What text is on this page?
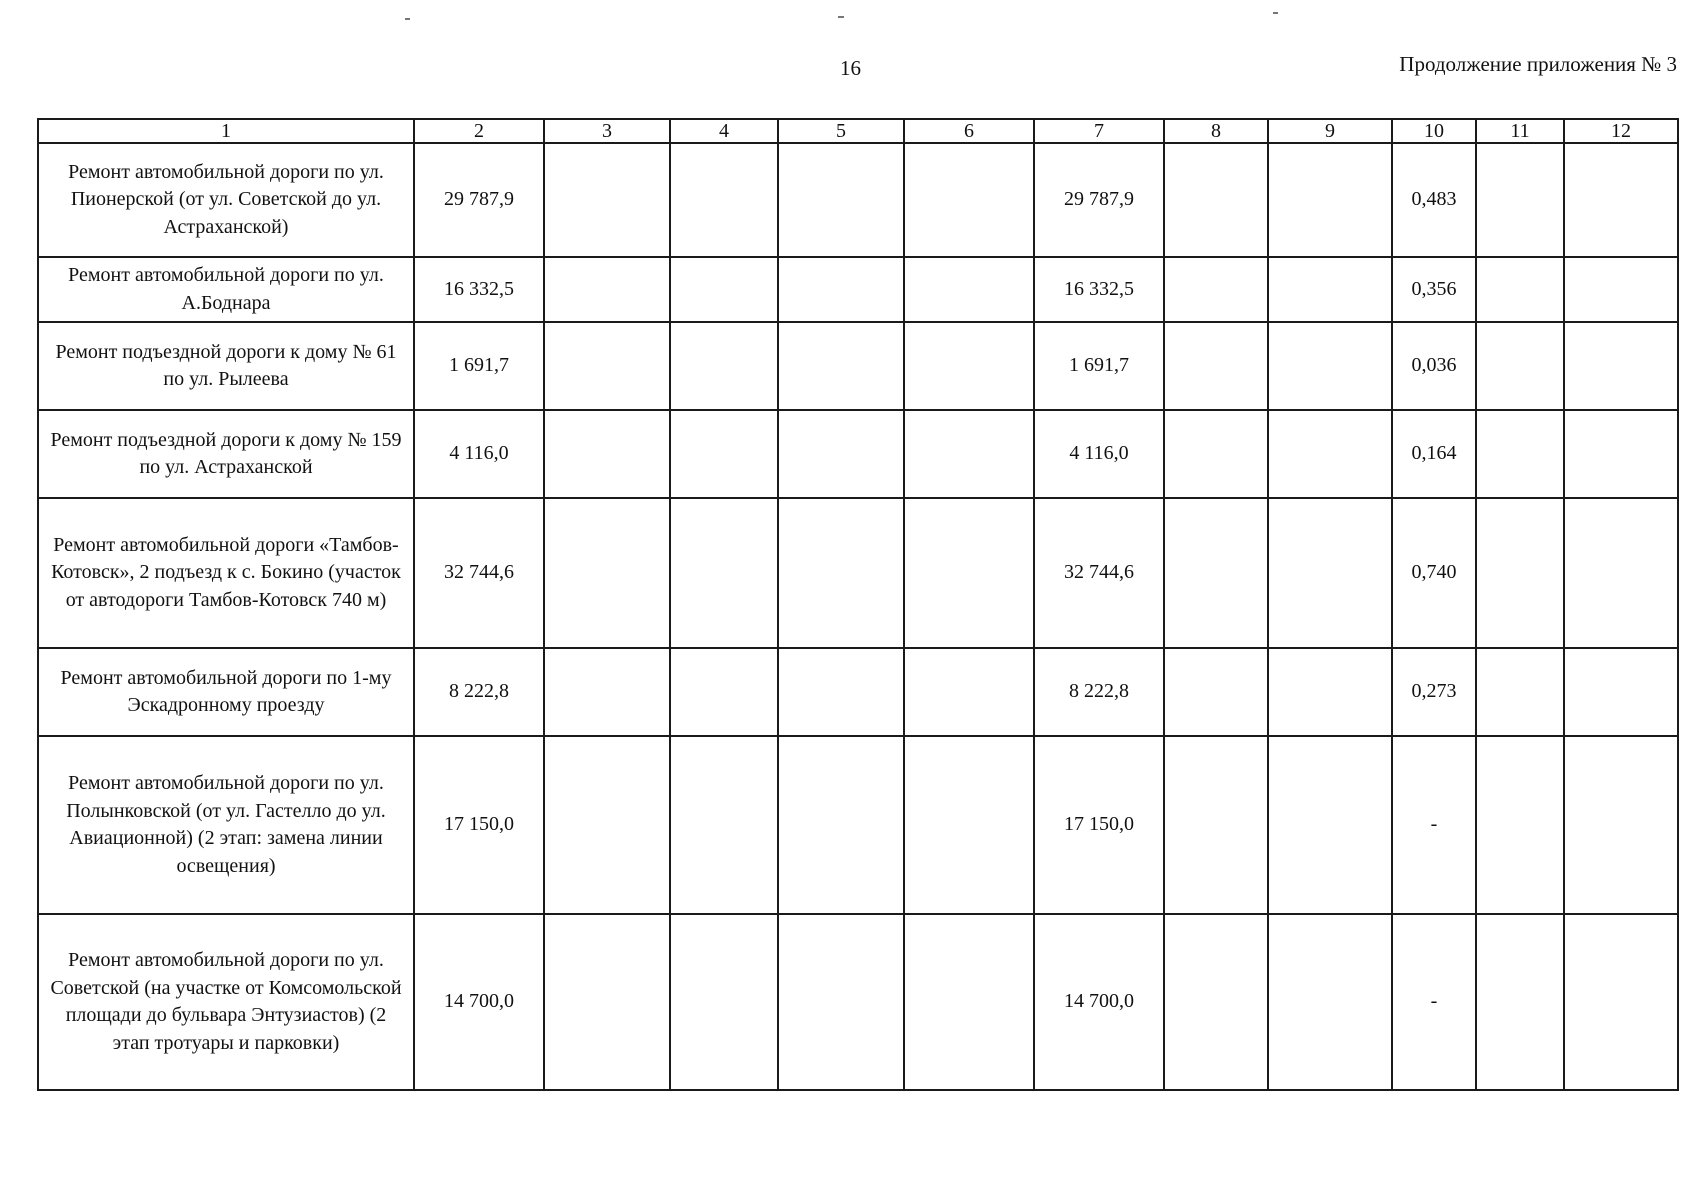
16	Продолжение приложения № 3
1	2	3	4	5	6	7	8	9	10	11	12
Ремонт автомобильной дороги по ул. Пионерской (от ул. Советской до ул. Астраханской)	29 787,9					29 787,9			0,483		
Ремонт автомобильной дороги по ул. А.Боднара	16 332,5					16 332,5			0,356		
Ремонт подъездной дороги к дому № 61 по ул. Рылеева	1 691,7					1 691,7			0,036		
Ремонт подъездной дороги к дому № 159 по ул. Астраханской	4 116,0					4 116,0			0,164		
Ремонт автомобильной дороги «Тамбов-Котовск», 2 подъезд к с. Бокино (участок от автодороги Тамбов-Котовск 740 м)	32 744,6					32 744,6			0,740		
Ремонт автомобильной дороги по 1-му Эскадронному проезду	8 222,8					8 222,8			0,273		
Ремонт автомобильной дороги по ул. Полынковской (от ул. Гастелло до ул. Авиационной) (2 этап: замена линии освещения)	17 150,0					17 150,0			-		
Ремонт автомобильной дороги по ул. Советской (на участке от Комсомольской площади до бульвара Энтузиастов) (2 этап тротуары и парковки)	14 700,0					14 700,0			-		
